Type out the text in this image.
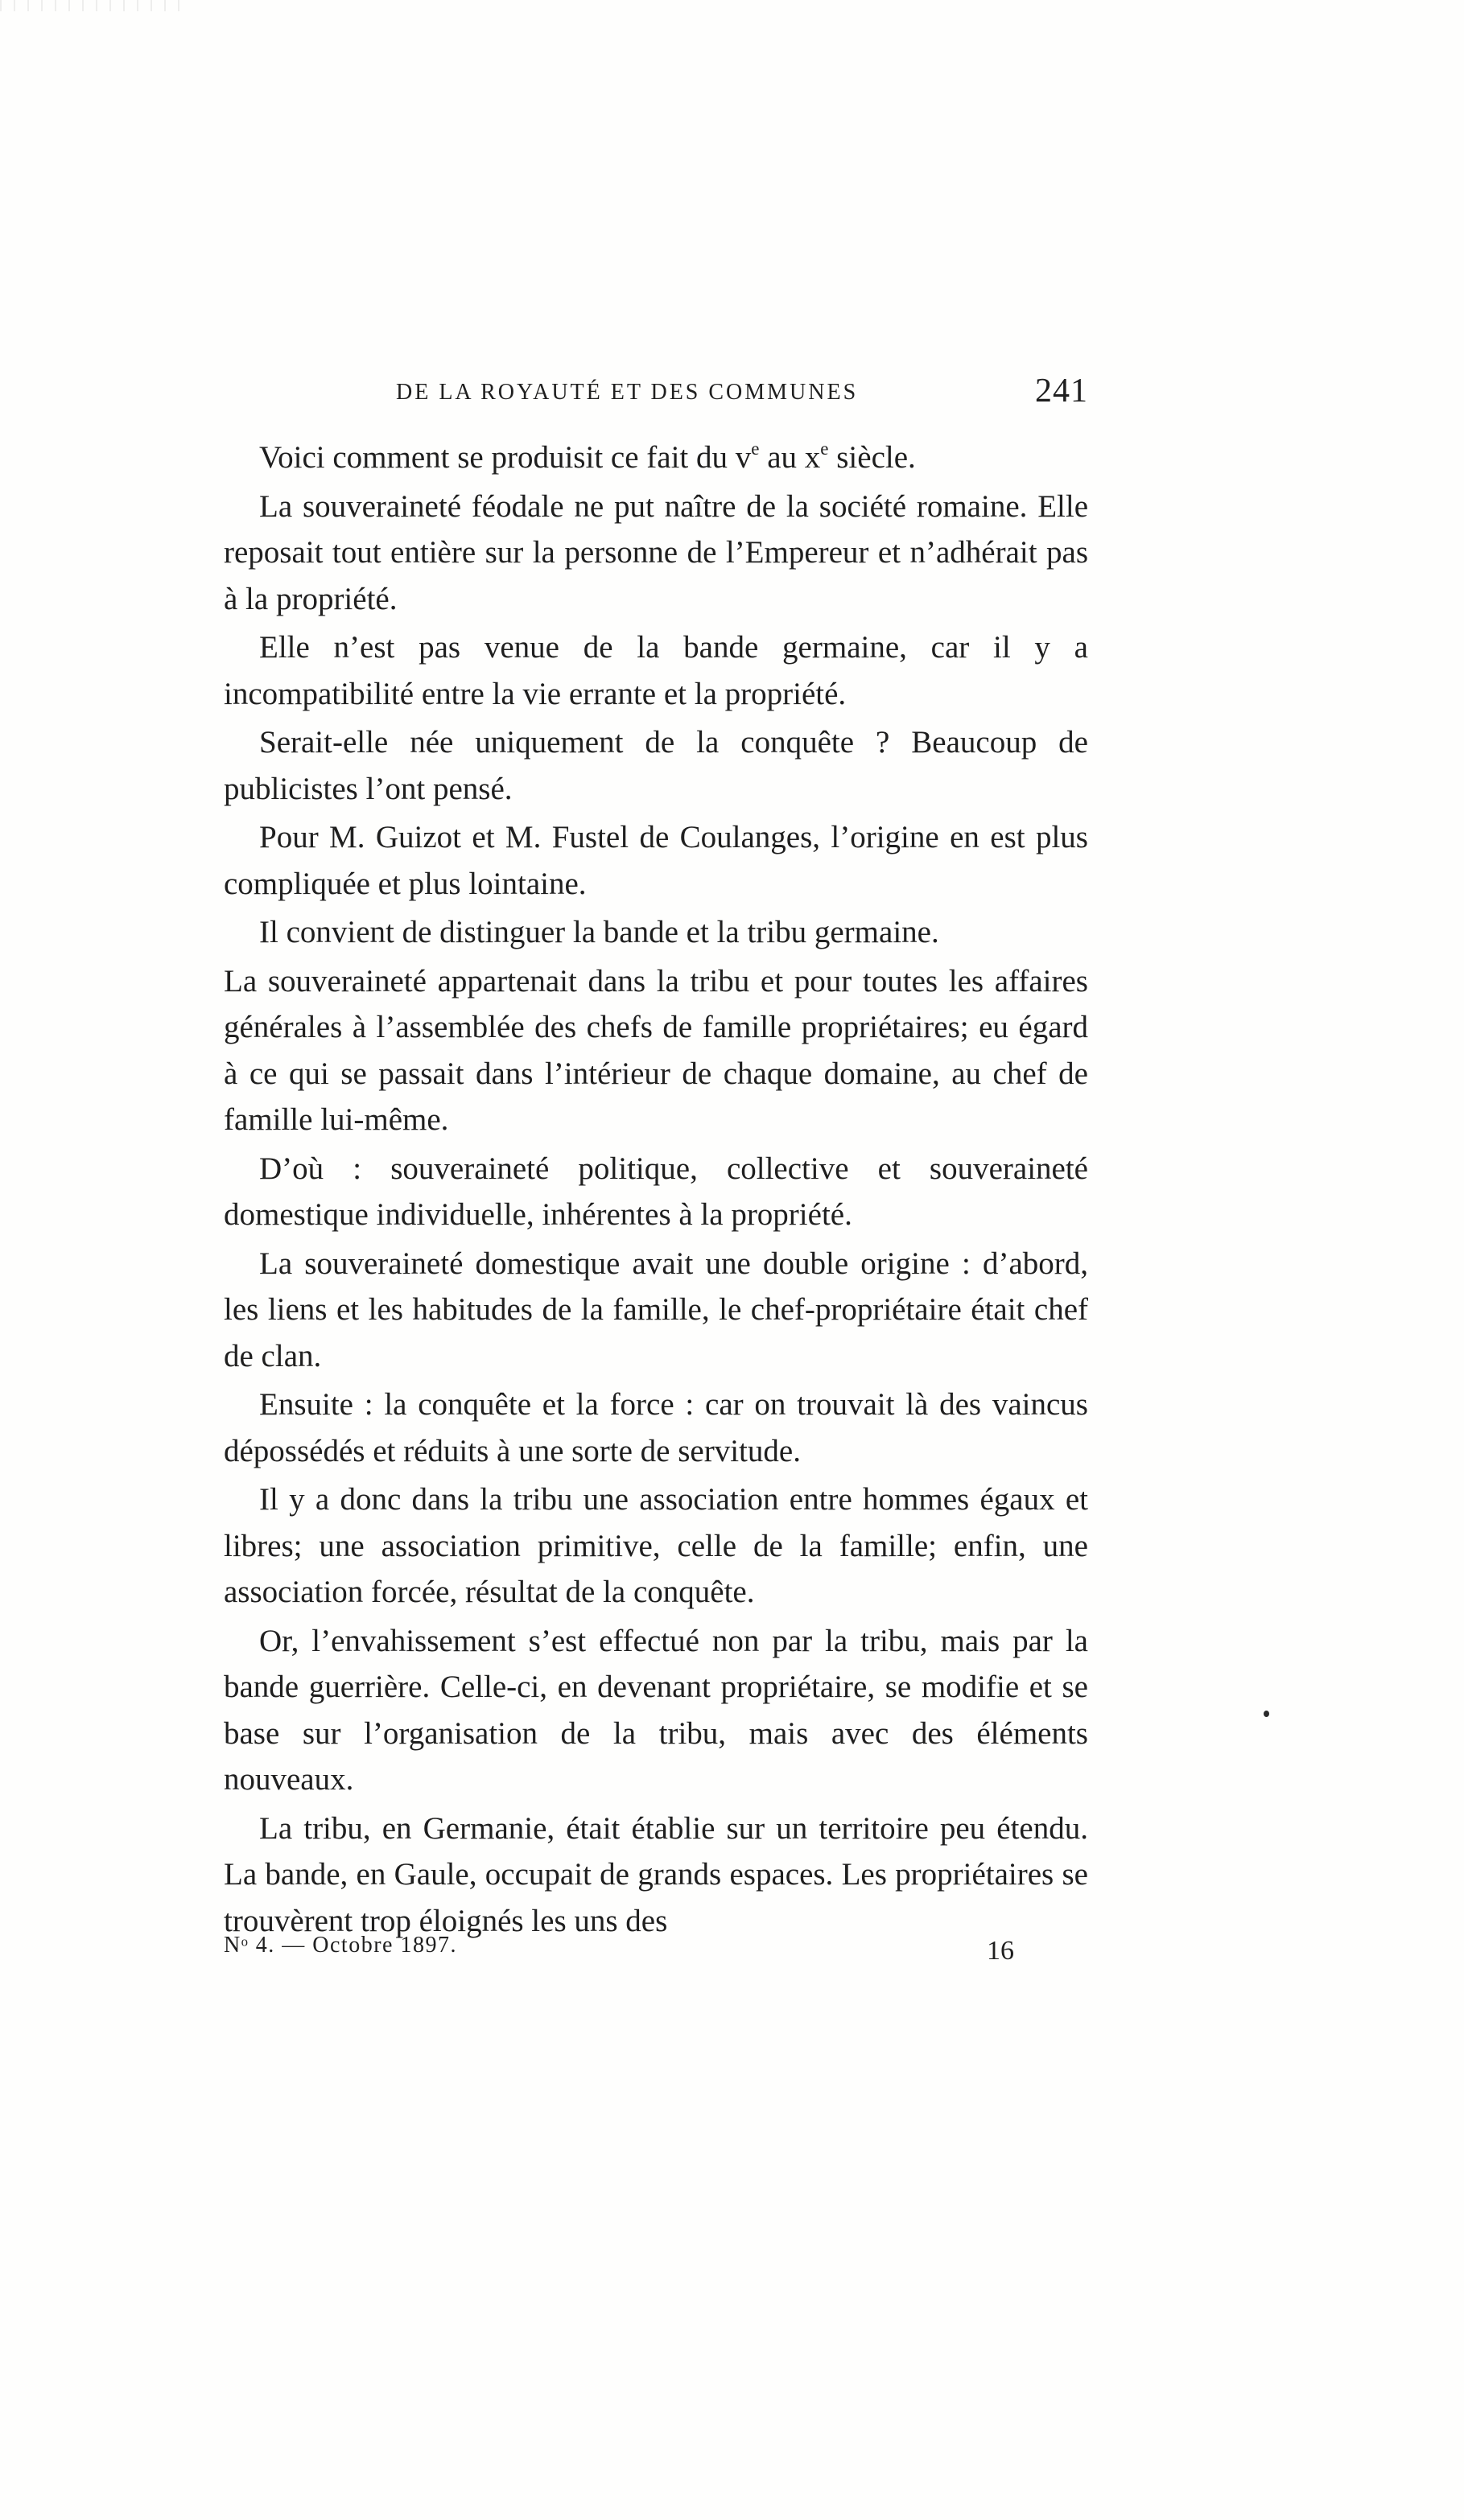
DE LA ROYAUTÉ ET DES COMMUNES	241

Voici comment se produisit ce fait du $v^e$ au $x^e$ siècle.

La souveraineté féodale ne put naître de la société romaine. Elle reposait tout entière sur la personne de l’Empereur et n’adhérait pas à la propriété.

Elle n’est pas venue de la bande germaine, car il y a incompatibilité entre la vie errante et la propriété.

Serait-elle née uniquement de la conquête ? Beaucoup de publicistes l’ont pensé.

Pour M. Guizot et M. Fustel de Coulanges, l’origine en est plus compliquée et plus lointaine.

Il convient de distinguer la bande et la tribu germaine.

La souveraineté appartenait dans la tribu et pour toutes les affaires générales à l’assemblée des chefs de famille propriétaires; eu égard à ce qui se passait dans l’intérieur de chaque domaine, au chef de famille lui-même.

D’où : souveraineté politique, collective et souveraineté domestique individuelle, inhérentes à la propriété.

La souveraineté domestique avait une double origine : d’abord, les liens et les habitudes de la famille, le chef-propriétaire était chef de clan.

Ensuite : la conquête et la force : car on trouvait là des vaincus dépossédés et réduits à une sorte de servitude.

Il y a donc dans la tribu une association entre hommes égaux et libres; une association primitive, celle de la famille; enfin, une association forcée, résultat de la conquête.

Or, l’envahissement s’est effectué non par la tribu, mais par la bande guerrière. Celle-ci, en devenant propriétaire, se modifie et se base sur l’organisation de la tribu, mais avec des éléments nouveaux.

La tribu, en Germanie, était établie sur un territoire peu étendu. La bande, en Gaule, occupait de grands espaces. Les propriétaires se trouvèrent trop éloignés les uns des

Nᵒ 4. — Octobre 1897.	16
